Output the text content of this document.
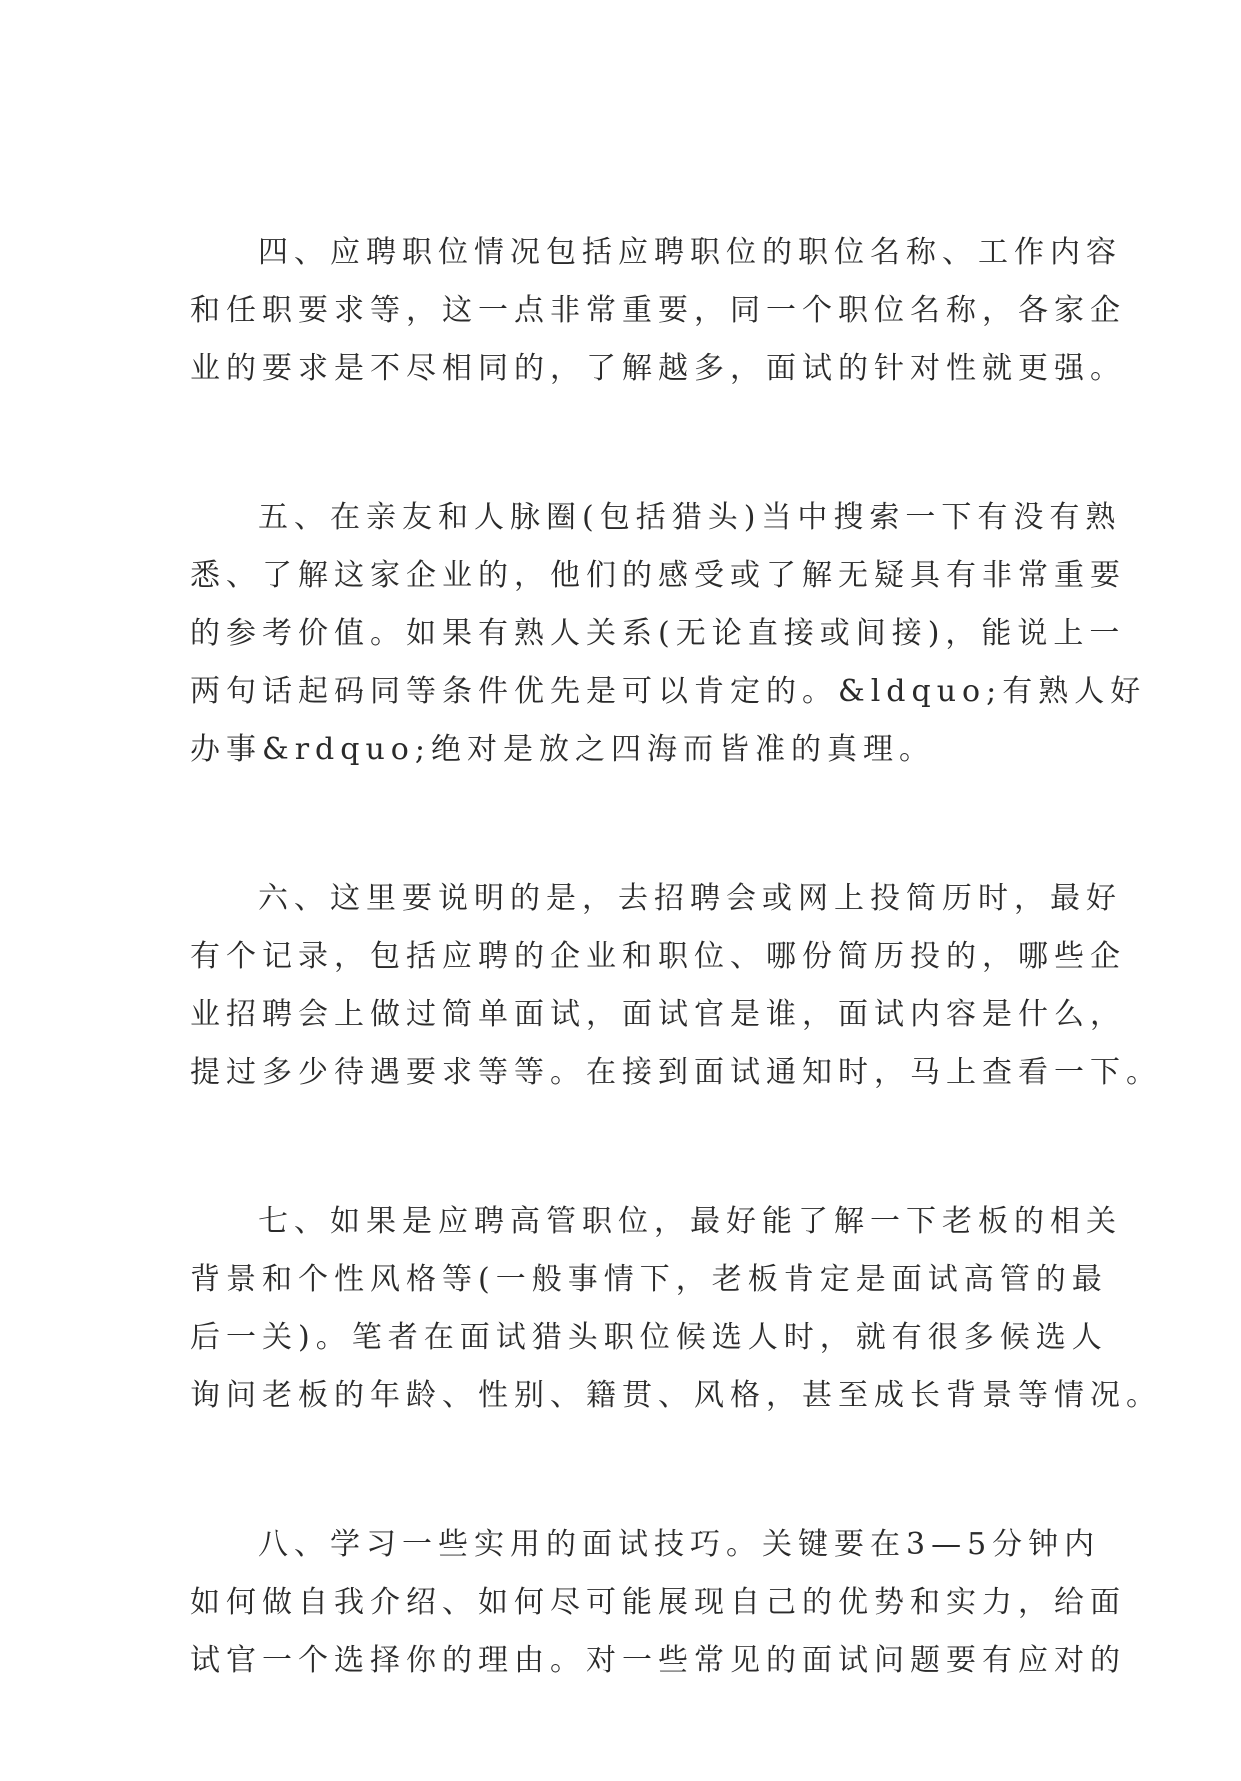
四、应聘职位情况包括应聘职位的职位名称、工作内容
和任职要求等，这一点非常重要，同一个职位名称，各家企
业的要求是不尽相同的，了解越多，面试的针对性就更强。
五、在亲友和人脉圈(包括猎头)当中搜索一下有没有熟
悉、了解这家企业的，他们的感受或了解无疑具有非常重要
的参考价值。如果有熟人关系(无论直接或间接)，能说上一
两句话起码同等条件优先是可以肯定的。&ldquo;有熟人好
办事&rdquo;绝对是放之四海而皆准的真理。
六、这里要说明的是，去招聘会或网上投简历时，最好
有个记录，包括应聘的企业和职位、哪份简历投的，哪些企
业招聘会上做过简单面试，面试官是谁，面试内容是什么，
提过多少待遇要求等等。在接到面试通知时，马上查看一下。
七、如果是应聘高管职位，最好能了解一下老板的相关
背景和个性风格等(一般事情下，老板肯定是面试高管的最
后一关)。笔者在面试猎头职位候选人时，就有很多候选人
询问老板的年龄、性别、籍贯、风格，甚至成长背景等情况。
八、学习一些实用的面试技巧。关键要在3—5分钟内
如何做自我介绍、如何尽可能展现自己的优势和实力，给面
试官一个选择你的理由。对一些常见的面试问题要有应对的
